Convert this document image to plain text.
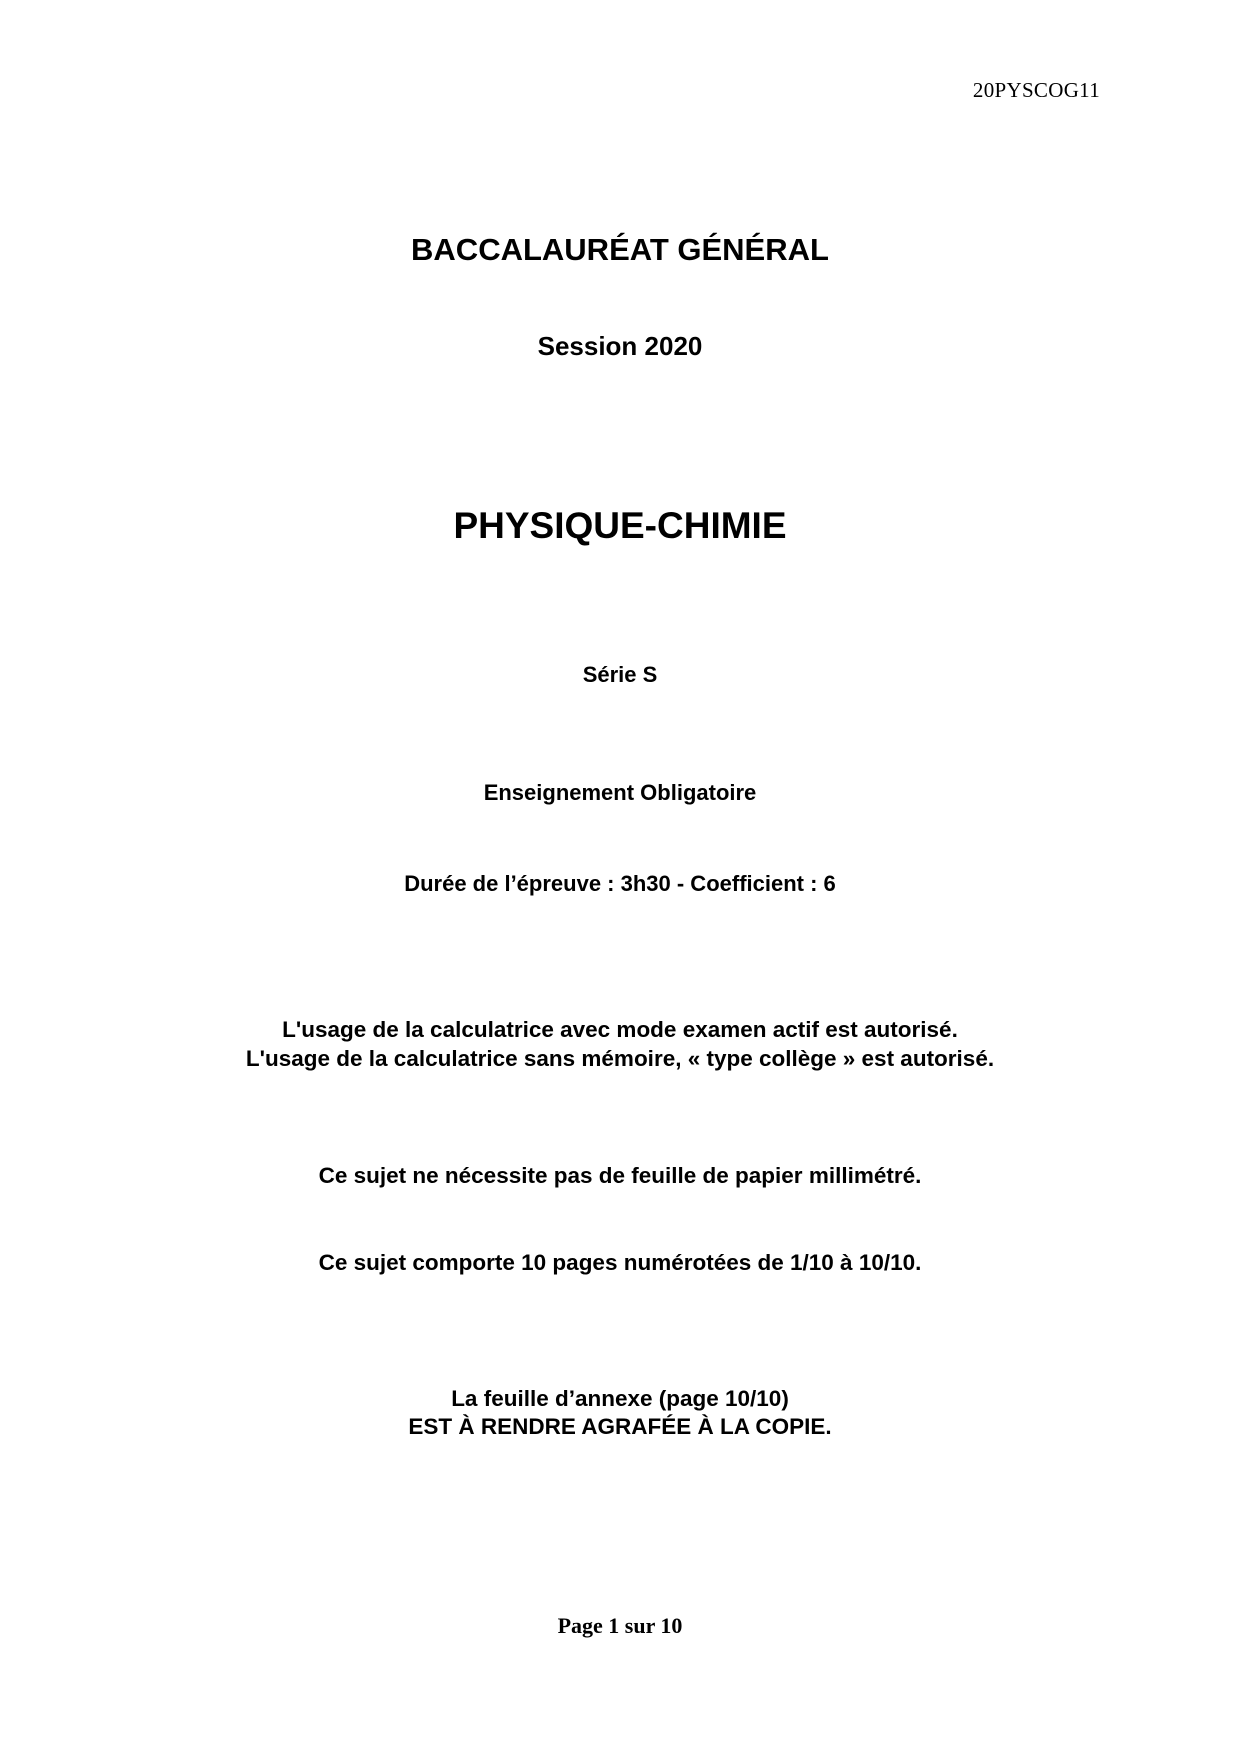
20PYSCOG11
BACCALAURÉAT GÉNÉRAL
Session 2020
PHYSIQUE-CHIMIE
Série S
Enseignement Obligatoire
Durée de l’épreuve : 3h30 - Coefficient : 6
L'usage de la calculatrice avec mode examen actif est autorisé.
L'usage de la calculatrice sans mémoire, « type collège » est autorisé.
Ce sujet ne nécessite pas de feuille de papier millimétré.
Ce sujet comporte 10 pages numérotées de 1/10 à 10/10.
La feuille d’annexe (page 10/10)
EST À RENDRE AGRAFÉE À LA COPIE.
Page 1 sur 10
